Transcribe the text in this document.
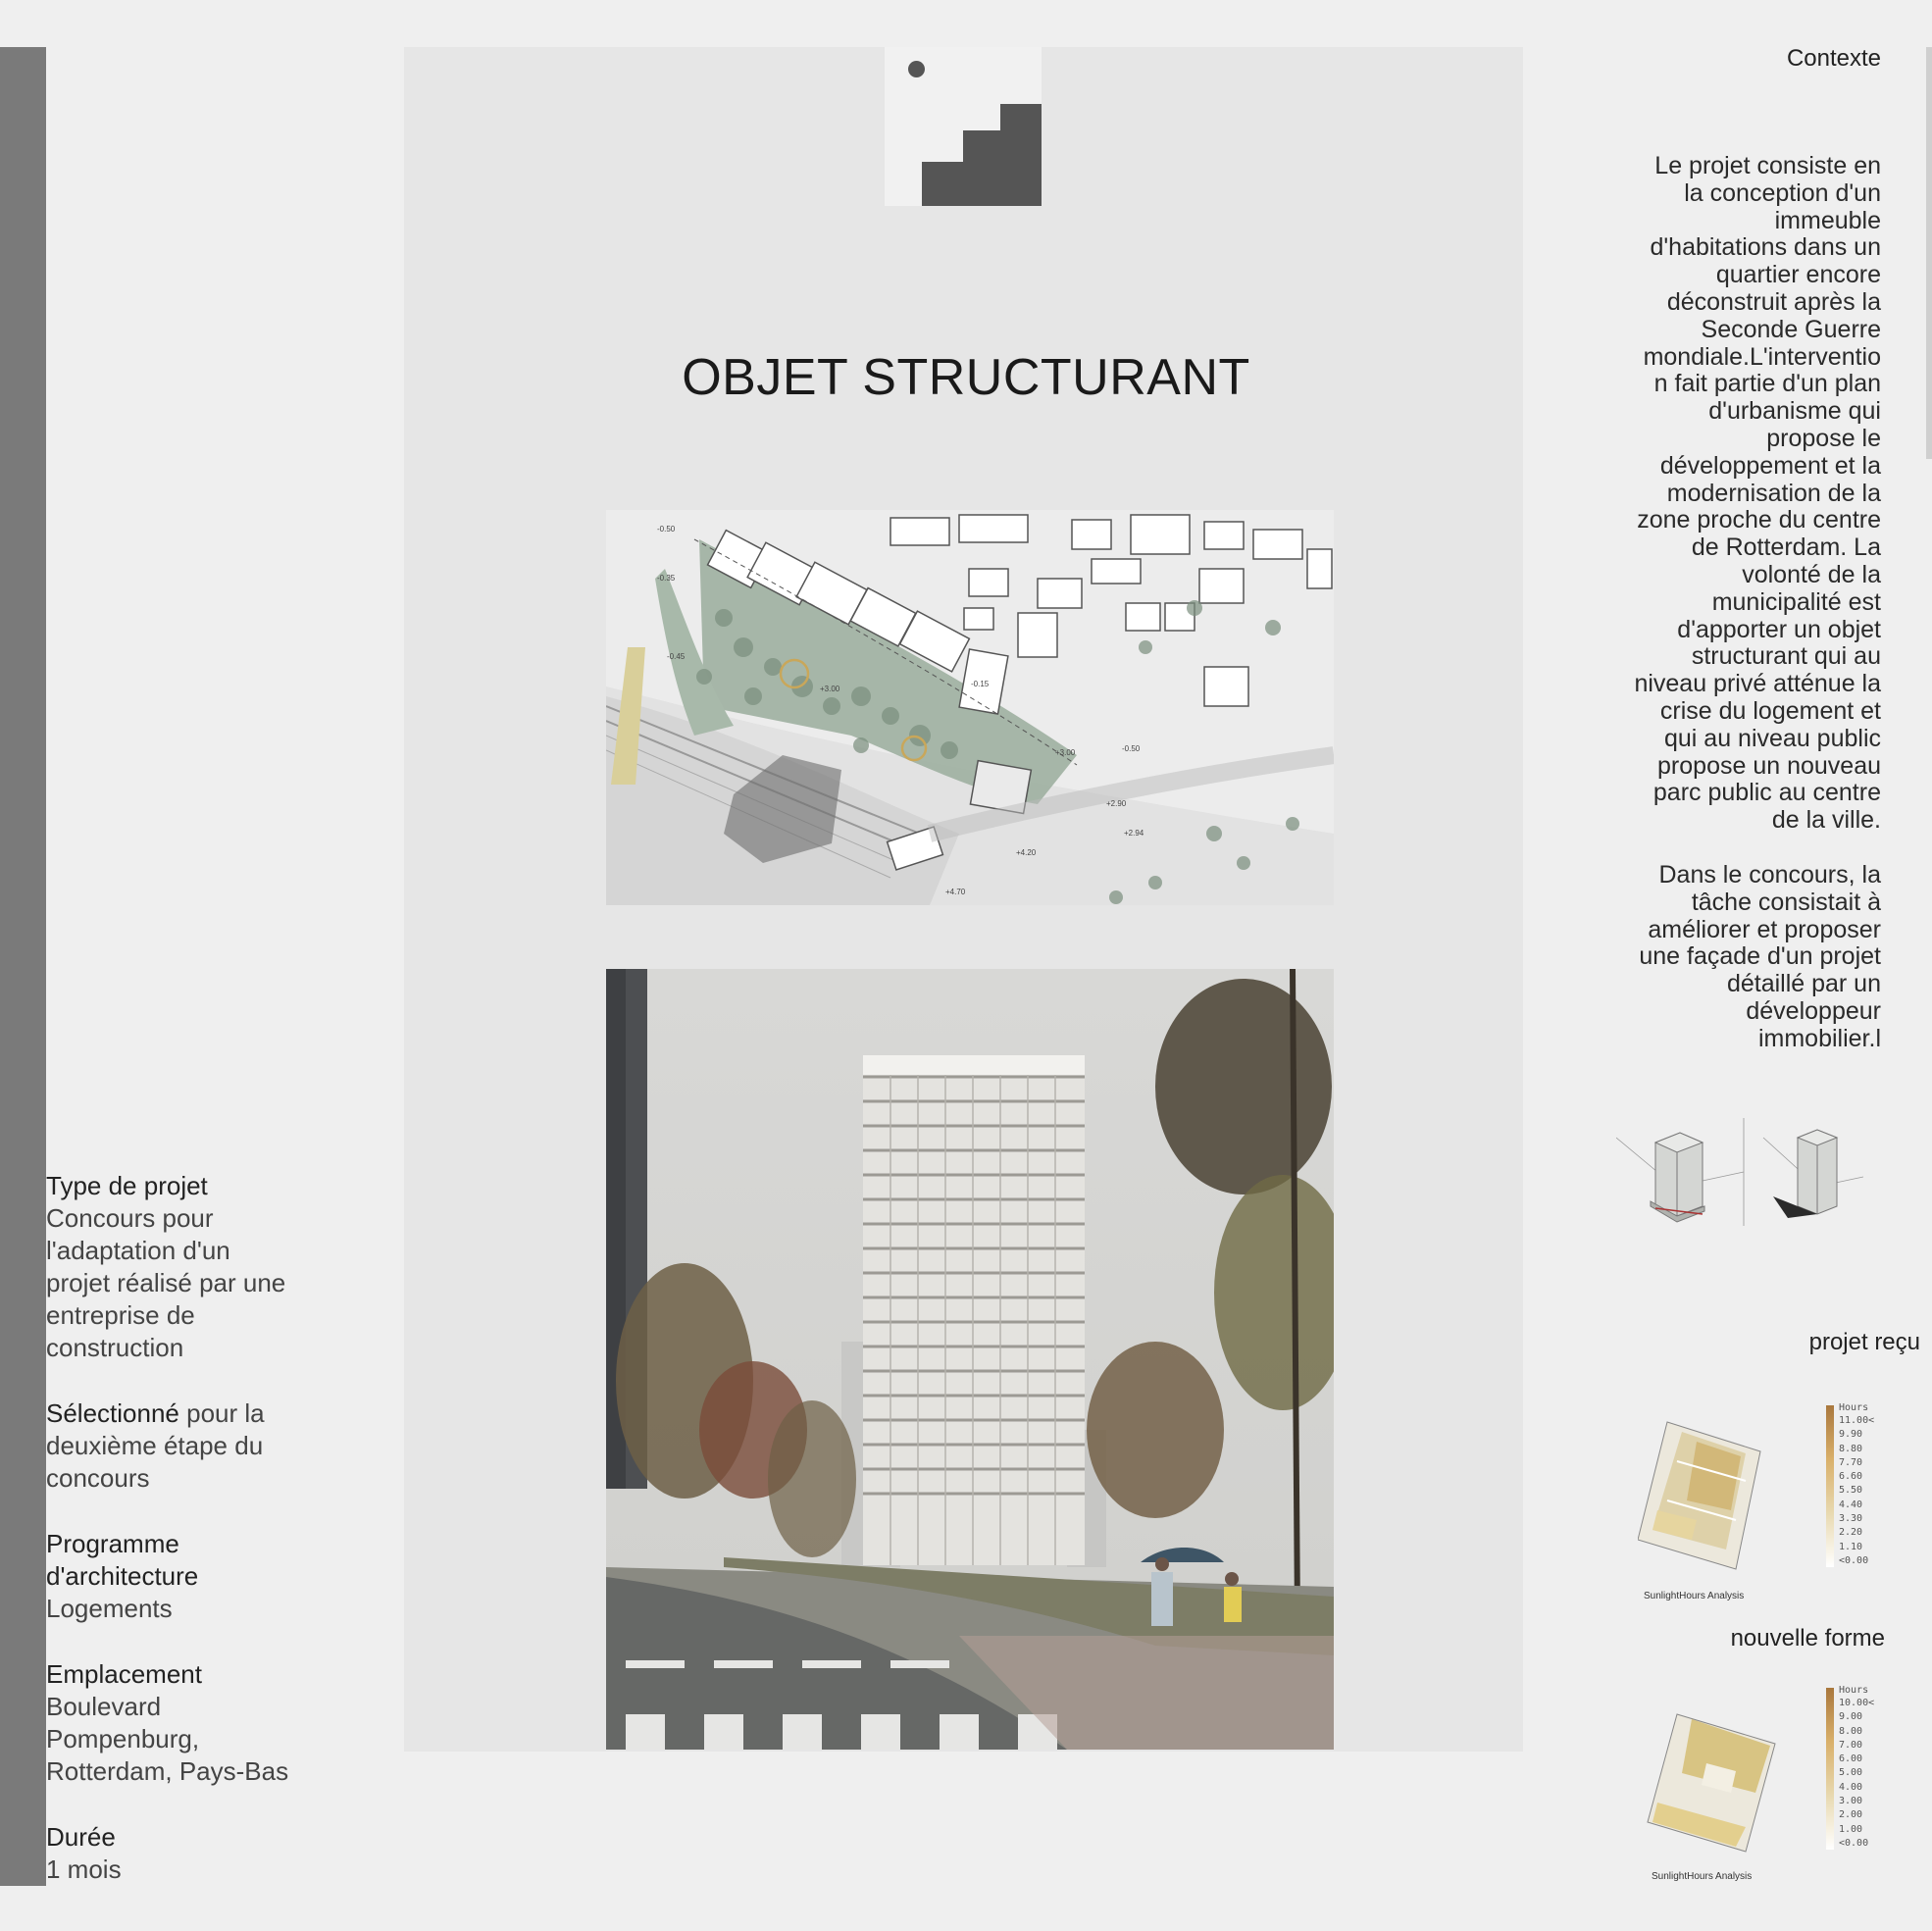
OBJET STRUCTURANT
-0.50
-0.35
-0.45
+3.00
-0.15
+3.00	-0.50
+2.90
+2.94
+4.20
+4.70
Contexte

Le projet consiste en
la conception d'un
immeuble
d'habitations dans un
quartier encore
déconstruit après la
Seconde Guerre
mondiale.L'interventio
n fait partie d'un plan
d'urbanisme qui
propose le
développement et la
modernisation de la
zone proche du centre
de Rotterdam. La
volonté de la
municipalité est
d'apporter un objet
structurant qui au
niveau privé atténue la
crise du logement et
qui au niveau public
propose un nouveau
parc public au centre
de la ville.

Dans le concours, la
tâche consistait à
améliorer et proposer
une façade d'un projet
détaillé par un
développeur
immobilier.l

Type de projet
Concours pour
l'adaptation d'un
projet réalisé par une
entreprise de
construction
Sélectionné pour la
deuxième étape du
concours
Programme
d'architecture
Logements
Emplacement
Boulevard
Pompenburg,
Rotterdam, Pays-Bas
Durée
1 mois
projet reçu
nouvelle forme
Hours
11.00<
9.90
8.80
7.70
6.60
5.50
4.40
3.30
2.20
1.10
<0.00
SunlightHours Analysis
Hours
10.00<
9.00
8.00
7.00
6.00
5.00
4.00
3.00
2.00
1.00
<0.00
SunlightHours Analysis
